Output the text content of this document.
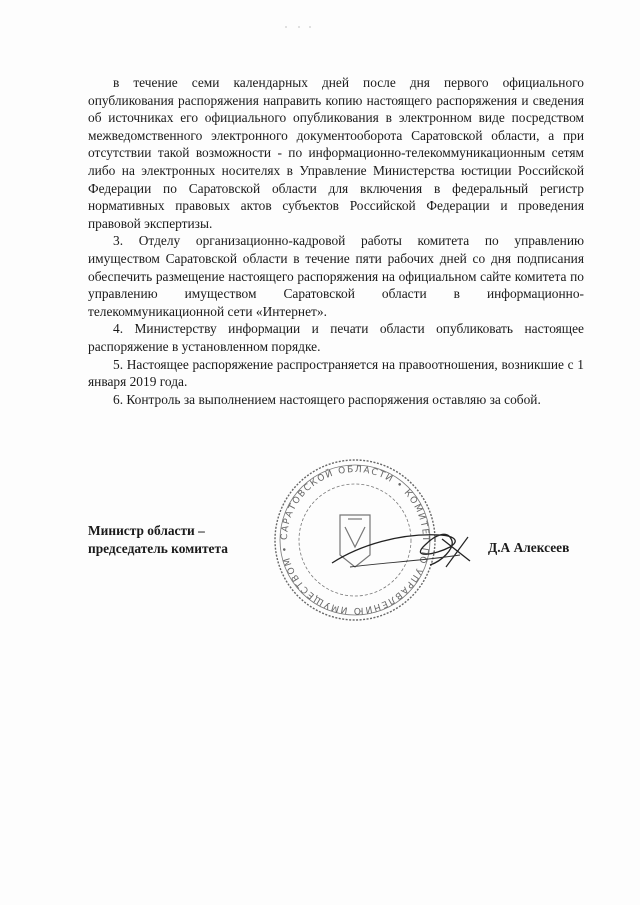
в течение семи календарных дней после дня первого официального опубликования распоряжения направить копию настоящего распоряжения и сведения об источниках его официального опубликования в электронном виде посредством межведомственного электронного документооборота Саратовской области, а при отсутствии такой возможности - по информационно-телекоммуникационным сетям либо на электронных носителях в Управление Министерства юстиции Российской Федерации по Саратовской области для включения в федеральный регистр нормативных правовых актов субъектов Российской Федерации и проведения правовой экспертизы.

3. Отделу организационно-кадровой работы комитета по управлению имуществом Саратовской области в течение пяти рабочих дней со дня подписания обеспечить размещение настоящего распоряжения на официальном сайте комитета по управлению имуществом Саратовской области в информационно-телекоммуникационной сети «Интернет».

4. Министерству информации и печати области опубликовать настоящее распоряжение в установленном порядке.

5. Настоящее распоряжение распространяется на правоотношения, возникшие с 1 января 2019 года.

6. Контроль за выполнением настоящего распоряжения оставляю за собой.

САРАТОВСКОЙ ОБЛАСТИ • КОМИТЕТ ПО УПРАВЛЕНИЮ ИМУЩЕСТВОМ •
Министр области –
председатель комитета	Д.А Алексеев
